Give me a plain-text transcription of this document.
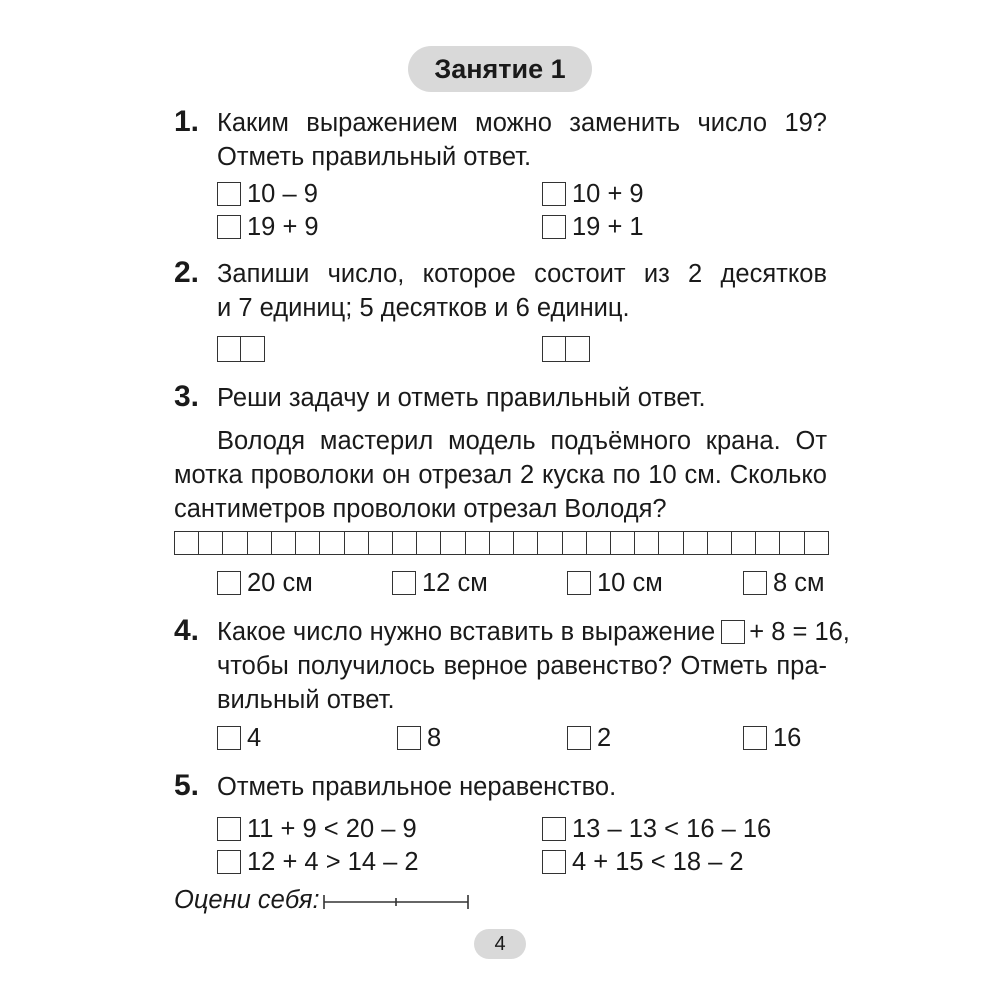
Занятие 1
1. Каким выражением можно заменить число 19?
Отметь правильный ответ.
10 – 9	10 + 9
19 + 9	19 + 1
2. Запиши число, которое состоит из 2 десятков
и 7 единиц; 5 десятков и 6 единиц.
3. Реши задачу и отметь правильный ответ.
Володя мастерил модель подъёмного крана. От
мотка проволоки он отрезал 2 куска по 10 см. Сколько
сантиметров проволоки отрезал Володя?
20 см	12 см	10 см	8 см
4. Какое число нужно вставить в выражение + 8 = 16,
чтобы получилось верное равенство? Отметь пра-
вильный ответ.
4	8	2	16
5. Отметь правильное неравенство.
11 + 9 < 20 – 9	13 – 13 < 16 – 16
12 + 4 > 14 – 2	4 + 15 < 18 – 2
Оцени себя:
4
